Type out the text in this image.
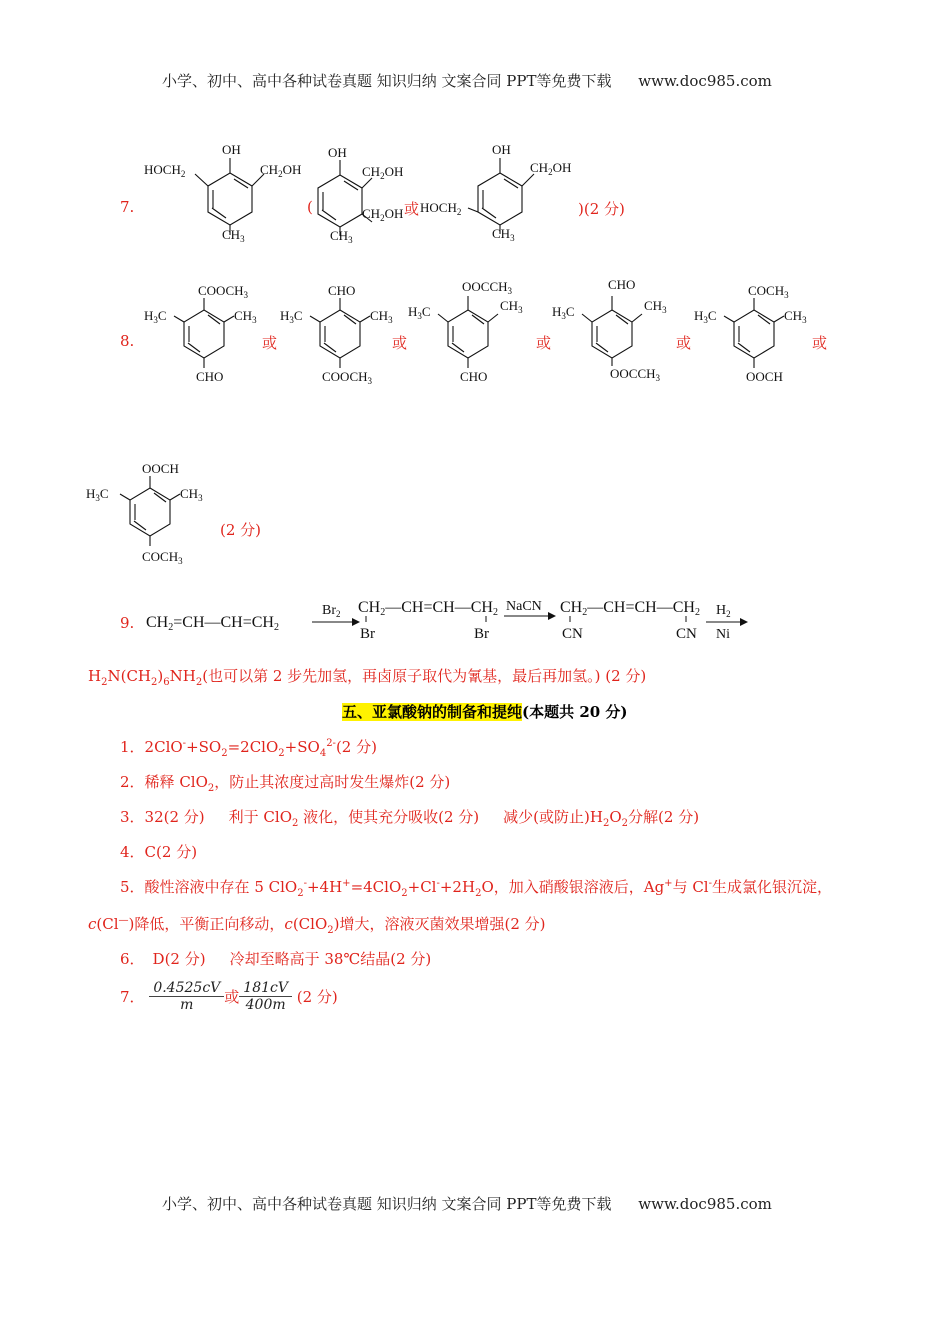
小学、初中、高中各种试卷真题 知识归纳 文案合同 PPT等免费下载 www.doc985.com
7.
OH
$HOCH_2$	$CH_2OH$
$CH_3$
(
OH
$CH_2OH$
$CH_2OH$
$CH_3$
或
OH
$CH_2OH$
$HOCH_2$
$CH_3$
)(2 分)
8.
$COOCH_3$
$H_3C$	$CH_3$
CHO
或
CHO
$H_3C$	$CH_3$
$COOCH_3$
或
$OOCCH_3$
$H_3C$	$CH_3$
CHO
或
CHO
$H_3C$	$CH_3$
$OOCCH_3$
或
$COCH_3$
$H_3C$	$CH_3$
OOCH
或
OOCH
$H_3C$	$CH_3$
$COCH_3$
(2 分)
9. CH2=CH—CH=CH2
$Br_2$ CH2—CH=CH—CH2
Br	Br
NaCN CH2—CH=CH—CH2
CN	CN
$H_2$
Ni
$H_2N(CH_2)_6NH_2$(也可以第 2 步先加氢，再卤原子取代为氰基，最后再加氢。) (2 分)
五、亚氯酸钠的制备和提纯(本题共 20 分)
1．$2ClO^-+SO_2=2ClO_2+SO_4^{2-}(2$ 分)
2．稀释 ClO$_2$，防止其浓度过高时发生爆炸(2 分)
3．32(2 分) 利于 ClO$_2$ 液化，使其充分吸收(2 分) 减少(或防止)$H_2O_2$分解(2 分)
4．C(2 分)
5．酸性溶液中存在 5 $ClO_2^-+4H^+=4ClO_2+Cl^-+2H_2O$，加入硝酸银溶液后，Ag+与 Cl-生成氯化银沉淀，
c(Cl—)降低，平衡正向移动，c(ClO$_2$)增大，溶液灭菌效果增强(2 分)
6． D(2 分) 冷却至略高于 38℃结晶(2 分)
7． $\frac{0.4525cV}{m}$ 或 $\frac{181cV}{400m} (2$ 分)
小学、初中、高中各种试卷真题 知识归纳 文案合同 PPT等免费下载 www.doc985.com
